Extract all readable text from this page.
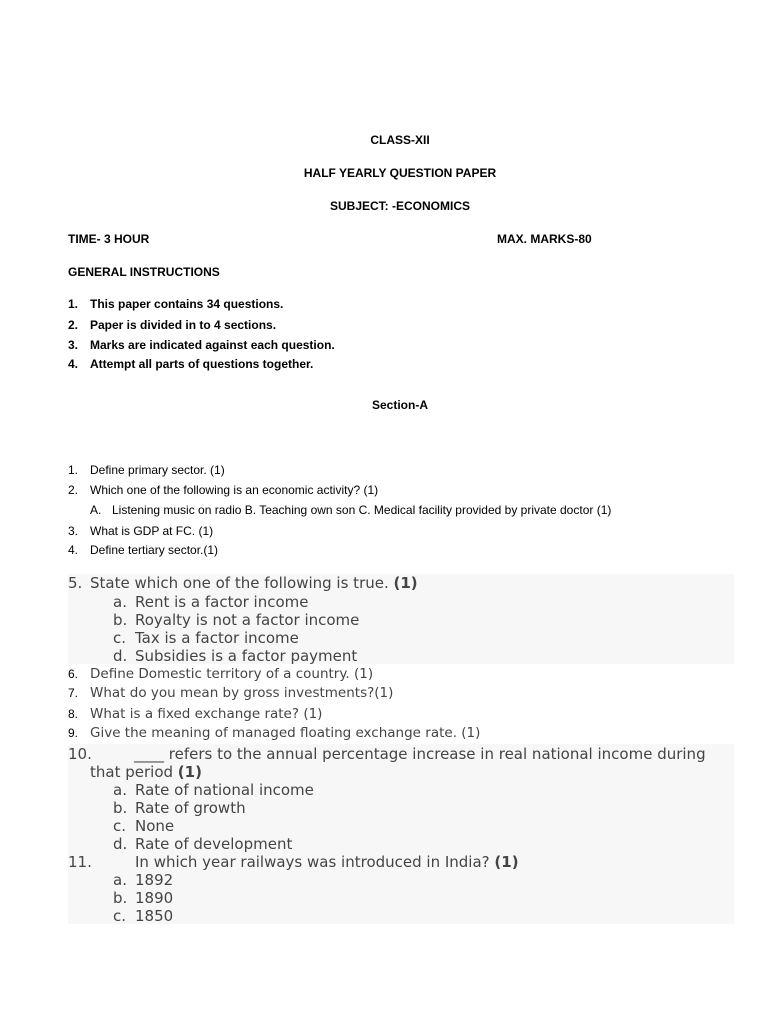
CLASS-XII
HALF YEARLY QUESTION PAPER
SUBJECT: -ECONOMICS
TIME- 3 HOUR	MAX. MARKS-80
GENERAL INSTRUCTIONS
1. This paper contains 34 questions.
2. Paper is divided in to 4 sections.
3. Marks are indicated against each question.
4. Attempt all parts of questions together.
Section-A
1. Define primary sector. (1)
2. Which one of the following is an economic activity? (1)
A. Listening music on radio B. Teaching own son C. Medical facility provided by private doctor (1)
3. What is GDP at FC. (1)
4. Define tertiary sector.(1)
5. State which one of the following is true. (1)
a. Rent is a factor income
b. Royalty is not a factor income
c. Tax is a factor income
d. Subsidies is a factor payment
6. Define Domestic territory of a country. (1)
7. What do you mean by gross investments?(1)
8. What is a fixed exchange rate? (1)
9. Give the meaning of managed floating exchange rate. (1)
10.	____ refers to the annual percentage increase in real national income during
that period (1)
a. Rate of national income
b. Rate of growth
c. None
d. Rate of development
11.	In which year railways was introduced in India? (1)
a. 1892
b. 1890
c. 1850
